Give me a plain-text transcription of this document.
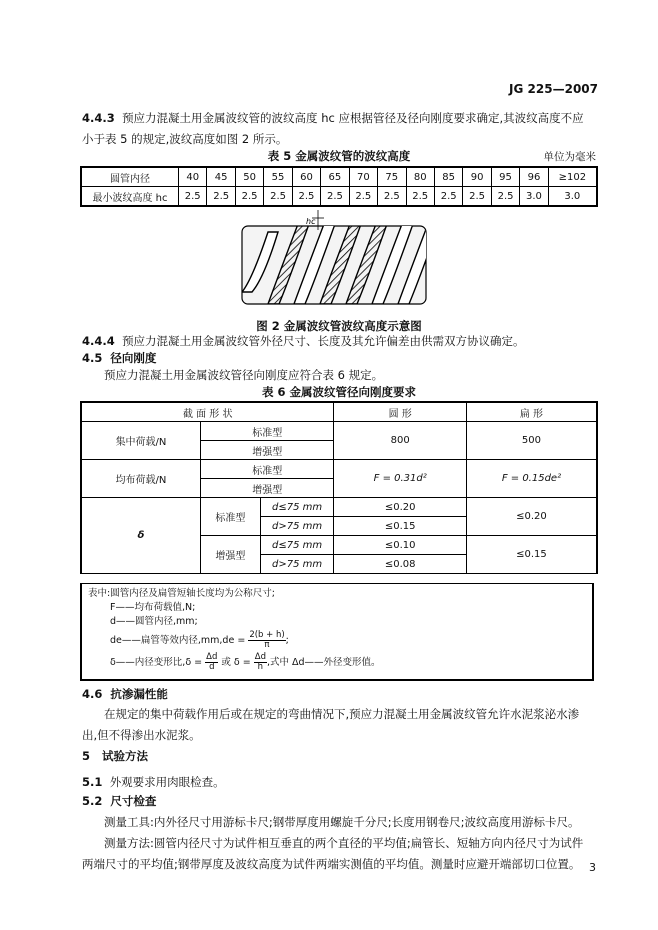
JG 225—2007
4.4.3 预应力混凝土用金属波纹管的波纹高度 hc 应根据管径及径向刚度要求确定,其波纹高度不应
小于表 5 的规定,波纹高度如图 2 所示。
表 5 金属波纹管的波纹高度	单位为毫米
圆管内径	40	45	50	55	60	65	70	75	80	85	90	95	96	≥102
最小波纹高度 hc	2.5	2.5	2.5	2.5	2.5	2.5	2.5	2.5	2.5	2.5	2.5	2.5	3.0	3.0
hc
图 2 金属波纹管波纹高度示意图
4.4.4 预应力混凝土用金属波纹管外径尺寸、长度及其允许偏差由供需双方协议确定。
4.5 径向刚度
预应力混凝土用金属波纹管径向刚度应符合表 6 规定。
表 6 金属波纹管径向刚度要求
截 面 形 状			圆 形	扁 形
集中荷载/N	标准型		800	500
	增强型			
均布荷载/N	标准型		F = 0.31d²	F = 0.15de²
	增强型			
δ	标准型	d≤75 mm	≤0.20	≤0.20
		d>75 mm	≤0.15	
	增强型	d≤75 mm	≤0.10	≤0.15
		d>75 mm	≤0.08	
表中:圆管内径及扁管短轴长度均为公称尺寸;
F——均布荷载值,N;
d——圆管内径,mm;
de——扁管等效内径$,mm,de = \frac{2(b + h)}{\pi}$ ;
δ——内径变形比$,\delta = \frac{\Delta d}{d}$ 或 $\delta = \frac{\Delta d}{h}$ ,式中 Δd——外径变形值。
4.6 抗渗漏性能
在规定的集中荷载作用后或在规定的弯曲情况下,预应力混凝土用金属波纹管允许水泥浆泌水渗
出,但不得渗出水泥浆。
5 试验方法
5.1 外观要求用肉眼检查。
5.2 尺寸检查
测量工具:内外径尺寸用游标卡尺;钢带厚度用螺旋千分尺;长度用钢卷尺;波纹高度用游标卡尺。
测量方法:圆管内径尺寸为试件相互垂直的两个直径的平均值;扁管长、短轴方向内径尺寸为试件
两端尺寸的平均值;钢带厚度及波纹高度为试件两端实测值的平均值。测量时应避开端部切口位置。 3
